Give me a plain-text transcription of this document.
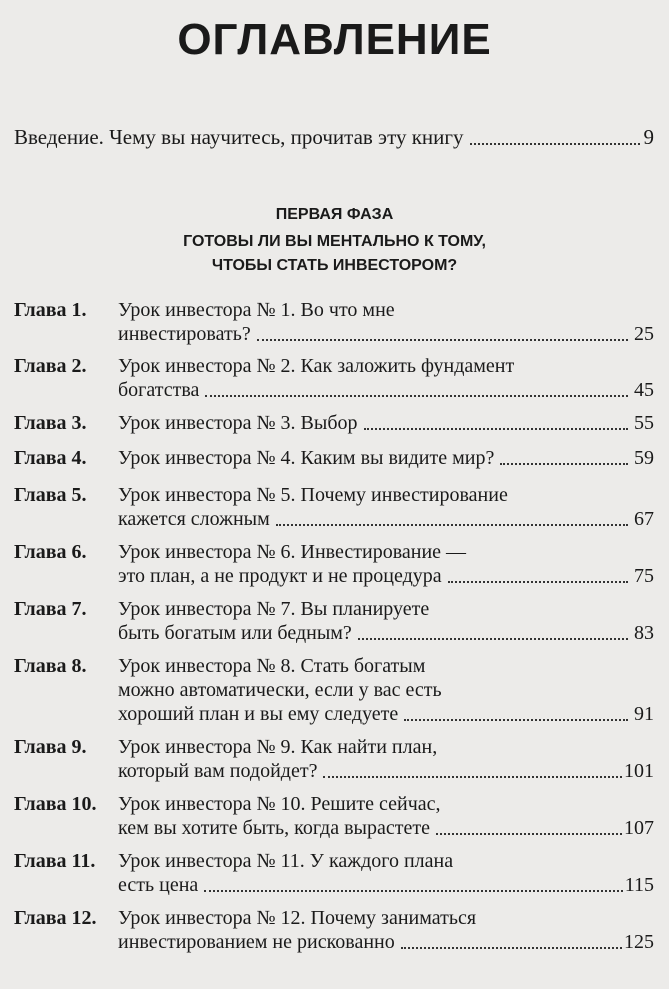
ОГЛАВЛЕНИЕ
Введение. Чему вы научитесь, прочитав эту книгу	9
ПЕРВАЯ ФАЗА
ГОТОВЫ ЛИ ВЫ МЕНТАЛЬНО К ТОМУ,
ЧТОБЫ СТАТЬ ИНВЕСТОРОМ?
Глава 1.	Урок инвестора № 1. Во что мне
инвестировать?	25
Глава 2.	Урок инвестора № 2. Как заложить фундамент
богатства	45
Глава 3.	Урок инвестора № 3. Выбор	55
Глава 4.	Урок инвестора № 4. Каким вы видите мир?	59
Глава 5.	Урок инвестора № 5. Почему инвестирование
кажется сложным	67
Глава 6.	Урок инвестора № 6. Инвестирование —
это план, а не продукт и не процедура	75
Глава 7.	Урок инвестора № 7. Вы планируете
быть богатым или бедным?	83
Глава 8.	Урок инвестора № 8. Стать богатым
можно автоматически, если у вас есть
хороший план и вы ему следуете	91
Глава 9.	Урок инвестора № 9. Как найти план,
который вам подойдет?	101
Глава 10.	Урок инвестора № 10. Решите сейчас,
кем вы хотите быть, когда вырастете	107
Глава 11.	Урок инвестора № 11. У каждого плана
есть цена	115
Глава 12.	Урок инвестора № 12. Почему заниматься
инвестированием не рискованно	125
